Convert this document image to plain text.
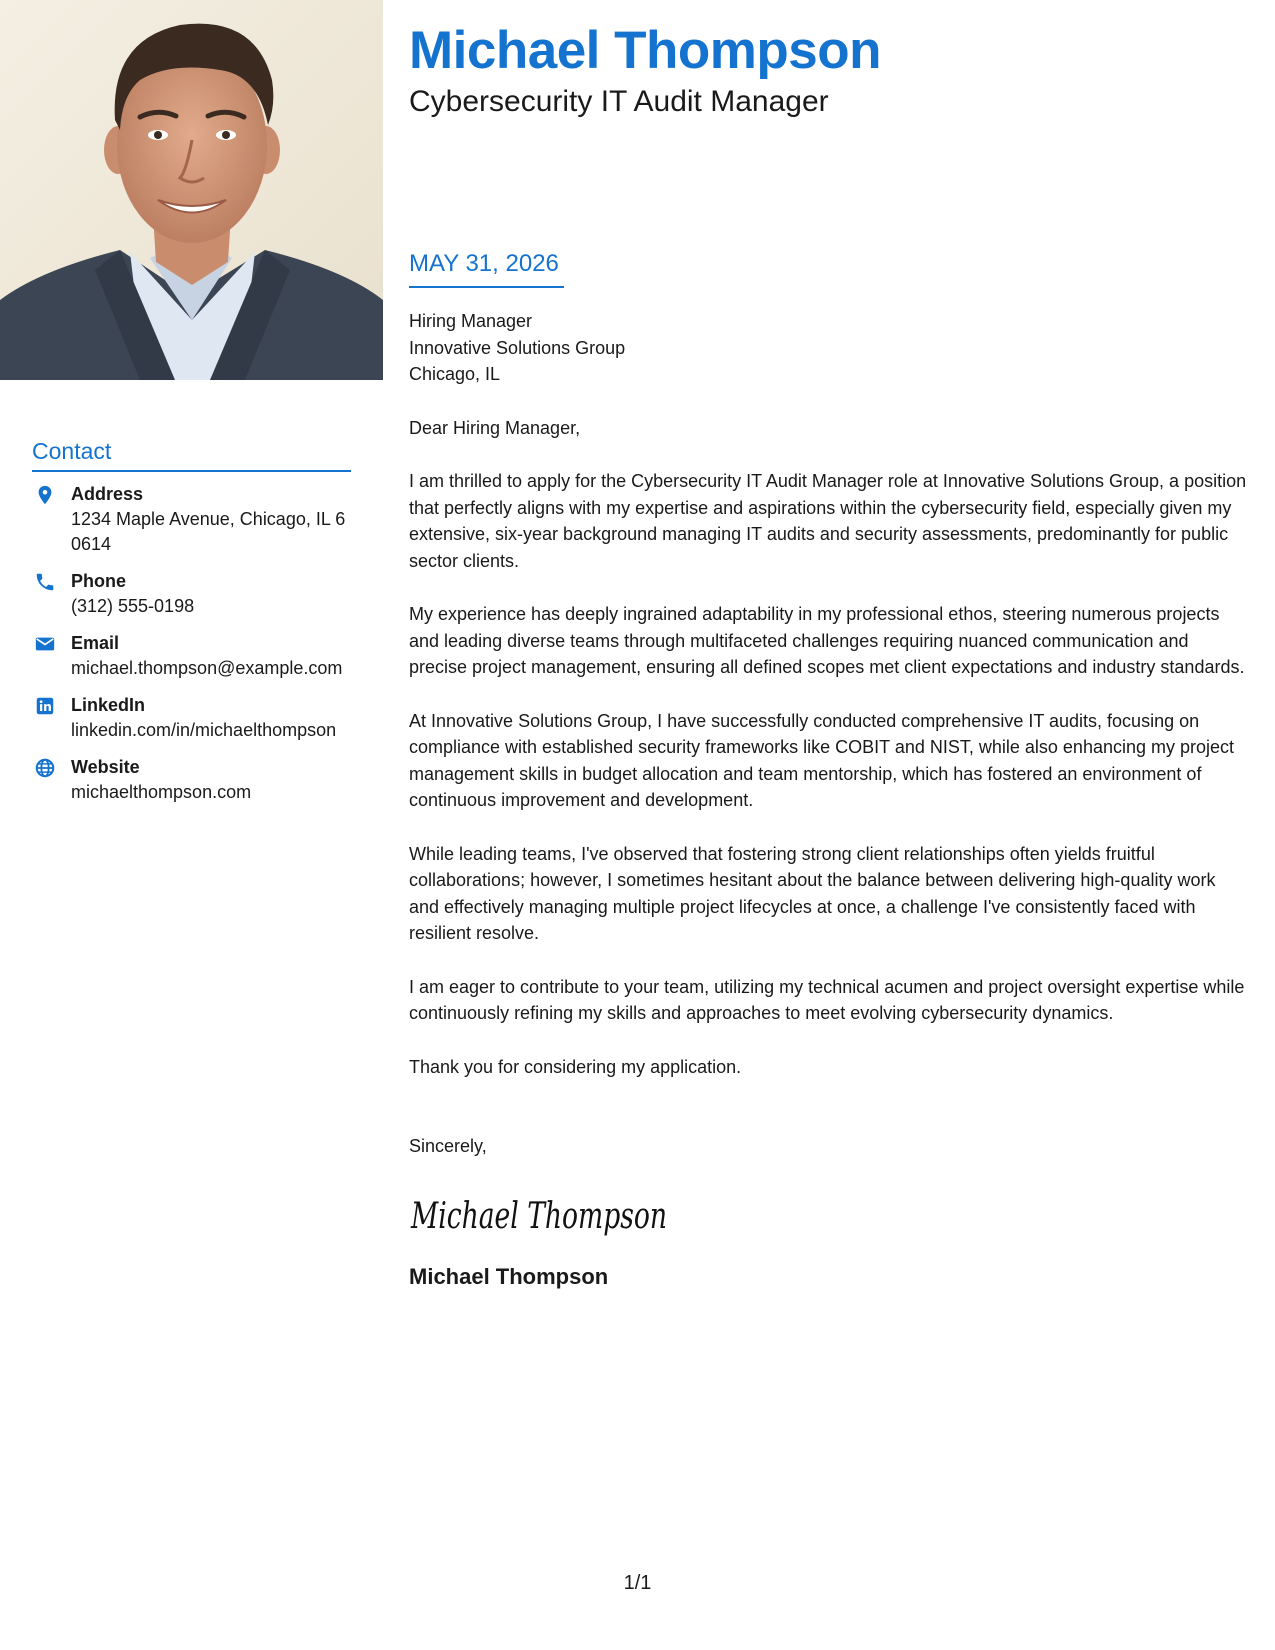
Michael Thompson
Cybersecurity IT Audit Manager
MAY 31, 2026
Hiring Manager
Innovative Solutions Group
Chicago, IL
Dear Hiring Manager,

I am thrilled to apply for the Cybersecurity IT Audit Manager role at Innovative Solutions Group, a position that perfectly aligns with my expertise and aspirations within the cybersecurity field, especially given my extensive, six-year background managing IT audits and security assessments, predominantly for public sector clients.

My experience has deeply ingrained adaptability in my professional ethos, steering numerous projects and leading diverse teams through multifaceted challenges requiring nuanced communication and precise project management, ensuring all defined scopes met client expectations and industry standards.

At Innovative Solutions Group, I have successfully conducted comprehensive IT audits, focusing on compliance with established security frameworks like COBIT and NIST, while also enhancing my project management skills in budget allocation and team mentorship, which has fostered an environment of continuous improvement and development.

While leading teams, I've observed that fostering strong client relationships often yields fruitful collaborations; however, I sometimes hesitant about the balance between delivering high-quality work and effectively managing multiple project lifecycles at once, a challenge I've consistently faced with resilient resolve.

I am eager to contribute to your team, utilizing my technical acumen and project oversight expertise while continuously refining my skills and approaches to meet evolving cybersecurity dynamics.

Thank you for considering my application.
Sincerely,
Michael Thompson
Michael Thompson
Contact
Address
1234 Maple Avenue, Chicago, IL 60614
Phone
(312) 555-0198
Email
michael.thompson@example.com
LinkedIn
linkedin.com/in/michaelthompson
Website
michaelthompson.com
1/1
